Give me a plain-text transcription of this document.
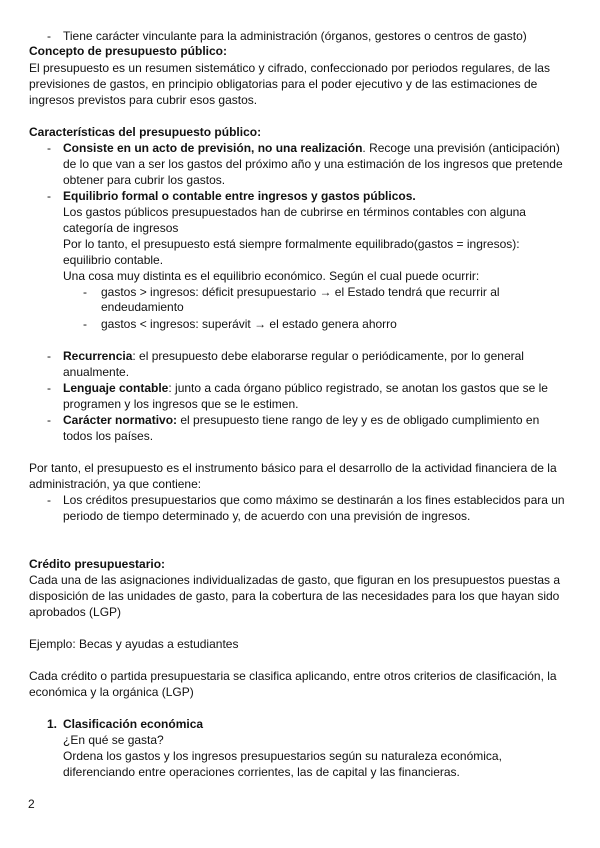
- Tiene carácter vinculante para la administración (órganos, gestores o centros de gasto)
Concepto de presupuesto público:
El presupuesto es un resumen sistemático y cifrado, confeccionado por periodos regulares, de las
previsiones de gastos, en principio obligatorias para el poder ejecutivo y de las estimaciones de
ingresos previstos para cubrir esos gastos.
Características del presupuesto público:
- Consiste en un acto de previsión, no una realización. Recoge una previsión (anticipación)
de lo que van a ser los gastos del próximo año y una estimación de los ingresos que pretende
obtener para cubrir los gastos.
- Equilibrio formal o contable entre ingresos y gastos públicos.
Los gastos públicos presupuestados han de cubrirse en términos contables con alguna
categoría de ingresos
Por lo tanto, el presupuesto está siempre formalmente equilibrado(gastos = ingresos):
equilibrio contable.
Una cosa muy distinta es el equilibrio económico. Según el cual puede ocurrir:
- gastos > ingresos: déficit presupuestario → el Estado tendrá que recurrir al
endeudamiento
- gastos < ingresos: superávit → el estado genera ahorro
- Recurrencia: el presupuesto debe elaborarse regular o periódicamente, por lo general
anualmente.
- Lenguaje contable: junto a cada órgano público registrado, se anotan los gastos que se le
programen y los ingresos que se le estimen.
- Carácter normativo: el presupuesto tiene rango de ley y es de obligado cumplimiento en
todos los países.
Por tanto, el presupuesto es el instrumento básico para el desarrollo de la actividad financiera de la
administración, ya que contiene:
- Los créditos presupuestarios que como máximo se destinarán a los fines establecidos para un
periodo de tiempo determinado y, de acuerdo con una previsión de ingresos.
Crédito presupuestario:
Cada una de las asignaciones individualizadas de gasto, que figuran en los presupuestos puestas a
disposición de las unidades de gasto, para la cobertura de las necesidades para los que hayan sido
aprobados (LGP)
Ejemplo: Becas y ayudas a estudiantes
Cada crédito o partida presupuestaria se clasifica aplicando, entre otros criterios de clasificación, la
económica y la orgánica (LGP)
1. Clasificación económica
¿En qué se gasta?
Ordena los gastos y los ingresos presupuestarios según su naturaleza económica,
diferenciando entre operaciones corrientes, las de capital y las financieras.
2
